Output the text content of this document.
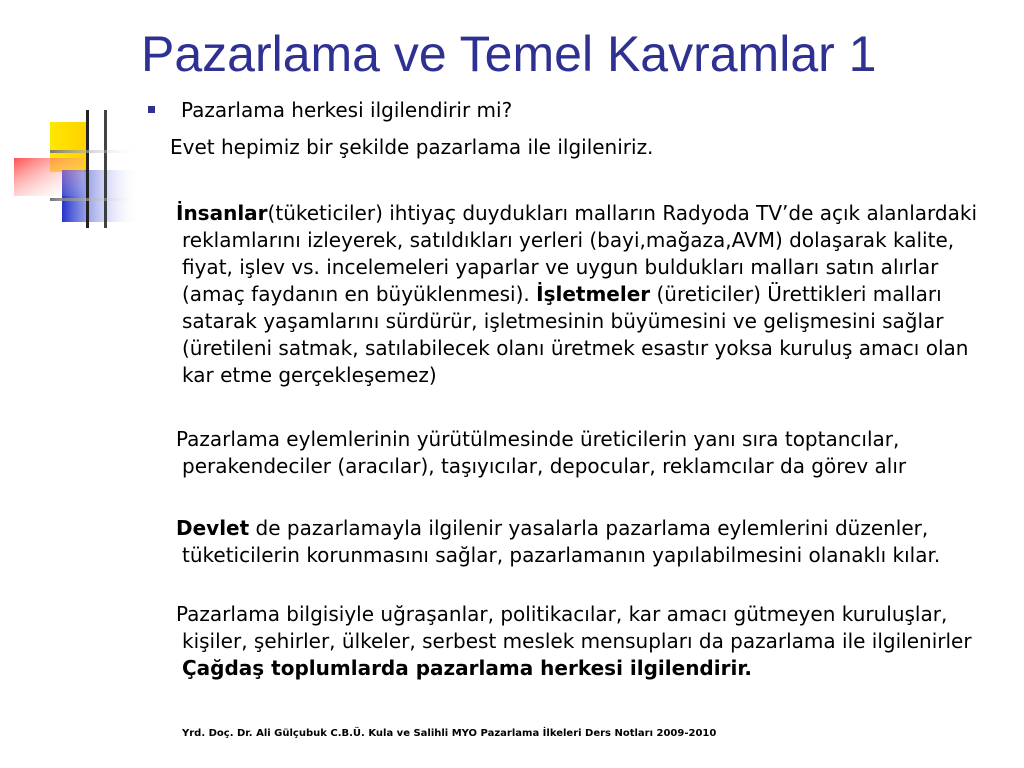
Pazarlama ve Temel Kavramlar 1
Pazarlama herkesi ilgilendirir mi?
Evet hepimiz bir şekilde pazarlama ile ilgileniriz.
İnsanlar(tüketiciler) ihtiyaç duydukları malların Radyoda TV’de açık alanlardaki reklamlarını izleyerek, satıldıkları yerleri (bayi,mağaza,AVM) dolaşarak kalite, fiyat, işlev vs. incelemeleri yaparlar ve uygun buldukları malları satın alırlar (amaç faydanın en büyüklenmesi). İşletmeler (üreticiler) Ürettikleri malları satarak yaşamlarını sürdürür, işletmesinin büyümesini ve gelişmesini sağlar (üretileni satmak, satılabilecek olanı üretmek esastır yoksa kuruluş amacı olan kar etme gerçekleşemez)
Pazarlama eylemlerinin yürütülmesinde üreticilerin yanı sıra toptancılar, perakendeciler (aracılar), taşıyıcılar, depocular, reklamcılar da görev alır
Devlet de pazarlamayla ilgilenir yasalarla pazarlama eylemlerini düzenler, tüketicilerin korunmasını sağlar, pazarlamanın yapılabilmesini olanaklı kılar.
Pazarlama bilgisiyle uğraşanlar, politikacılar, kar amacı gütmeyen kuruluşlar, kişiler, şehirler, ülkeler, serbest meslek mensupları da pazarlama ile ilgilenirler Çağdaş toplumlarda pazarlama herkesi ilgilendirir.
Yrd. Doç. Dr. Ali Gülçubuk C.B.Ü. Kula ve Salihli MYO Pazarlama İlkeleri Ders Notları 2009-2010
